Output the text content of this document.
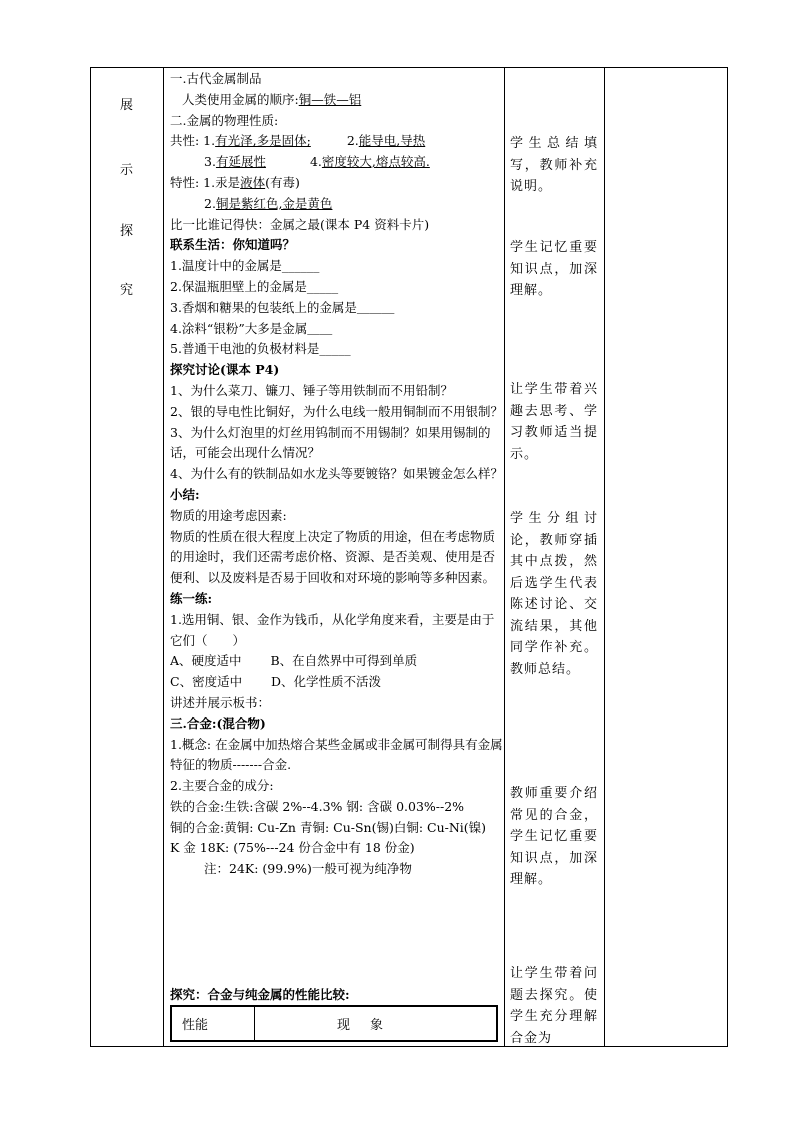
展
示
探
究
一.古代金属制品
人类使用金属的顺序:铜—铁—铝
二.金属的物理性质:
共性: 1.有光泽,多是固体;	2.能导电,导热
3.有延展性	4.密度较大,熔点较高.
特性: 1.汞是液体(有毒)
2.铜是紫红色,金是黄色
比一比谁记得快：金属之最(课本 P4 资料卡片)
联系生活：你知道吗？
1.温度计中的金属是______
2.保温瓶胆壁上的金属是_____
3.香烟和糖果的包装纸上的金属是＿＿＿
4.涂料“银粉”大多是金属＿＿
5.普通干电池的负极材料是_____
探究讨论(课本 P4)
1、为什么菜刀、镰刀、锤子等用铁制而不用铅制？
2、银的导电性比铜好，为什么电线一般用铜制而不用银制？
3、为什么灯泡里的灯丝用钨制而不用锡制？如果用锡制的话，可能会出现什么情况？
4、为什么有的铁制品如水龙头等要镀铬？如果镀金怎么样？
小结:
物质的用途考虑因素:
物质的性质在很大程度上决定了物质的用途，但在考虑物质的用途时，我们还需考虑价格、资源、是否美观、使用是否便利、以及废料是否易于回收和对环境的影响等多种因素。
练一练:
1.选用铜、银、金作为钱币，从化学角度来看，主要是由于它们（　　）
A、硬度适中　　 B、在自然界中可得到单质
C、密度适中　　 D、化学性质不活泼
讲述并展示板书：
三.合金:(混合物)
1.概念: 在金属中加热熔合某些金属或非金属可制得具有金属特征的物质-------合金.
2.主要合金的成分:
铁的合金:生铁:含碳 2%--4.3% 钢: 含碳 0.03%--2%
铜的合金:黄铜: Cu-Zn 青铜: Cu-Sn(锡)白铜: Cu-Ni(镍)
K 金 18K: (75%---24 份合金中有 18 份金)
注：24K: (99.9%)一般可视为纯净物
探究：合金与纯金属的性能比较:
性能	现象
学生总结填写，教师补充说明。
学生记忆重要知识点，加深理解。
让学生带着兴趣去思考、学习教师适当提示。
学生分组讨论，教师穿插其中点拨，然后选学生代表陈述讨论、交流结果，其他同学作补充。教师总结。
教师重要介绍常见的合金，学生记忆重要知识点，加深理解。
让学生带着问题去探究。使学生充分理解合金为
